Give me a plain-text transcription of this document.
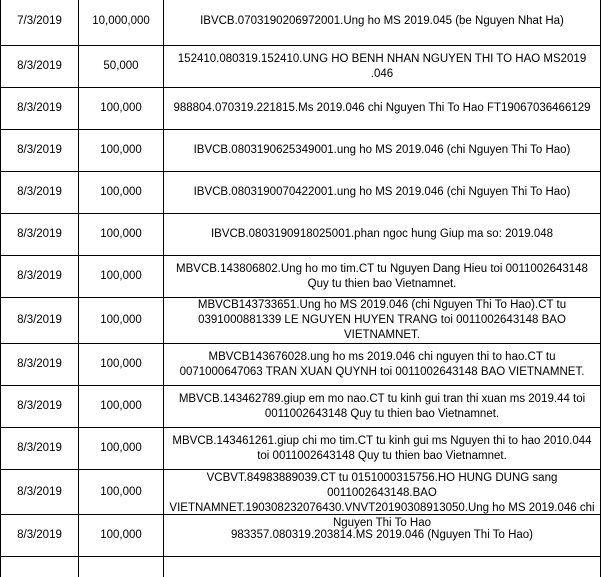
7/3/2019	10,000,000	IBVCB.0703190206972001.Ung ho MS 2019.045 (be Nguyen Nhat Ha)
8/3/2019	50,000	152410.080319.152410.UNG HO BENH NHAN NGUYEN THI TO HAO MS2019 .046
8/3/2019	100,000	988804.070319.221815.Ms 2019.046 chi Nguyen Thi To Hao FT19067036466129
8/3/2019	100,000	IBVCB.0803190625349001.ung ho MS 2019.046 (chi Nguyen Thi To Hao)
8/3/2019	100,000	IBVCB.0803190070422001.ung ho MS 2019.046 (chi Nguyen Thi To Hao)
8/3/2019	100,000	IBVCB.0803190918025001.phan ngoc hung Giup ma so: 2019.048
8/3/2019	100,000	MBVCB.143806802.Ung ho mo tim.CT tu Nguyen Dang Hieu toi 0011002643148 Quy tu thien bao Vietnamnet.
8/3/2019	100,000	MBVCB143733651.Ung ho MS 2019.046 (chi Nguyen Thi To Hao).CT tu 0391000881339 LE NGUYEN HUYEN TRANG toi 0011002643148 BAO VIETNAMNET.
8/3/2019	100,000	MBVCB143676028.ung ho ms 2019.046 chi nguyen thi to hao.CT tu 0071000647063 TRAN XUAN QUYNH toi 0011002643148 BAO VIETNAMNET.
8/3/2019	100,000	MBVCB.143462789.giup em mo nao.CT tu kinh gui tran thi xuan ms 2019.44 toi 0011002643148 Quy tu thien bao Vietnamnet.
8/3/2019	100,000	MBVCB.143461261.giup chi mo tim.CT tu kinh gui ms Nguyen thi to hao 2010.044 toi 0011002643148 Quy tu thien bao Vietnamnet.
8/3/2019	100,000	VCBVT.84983889039.CT tu 0151000315756.HO HUNG DUNG sang 0011002643148.BAO VIETNAMNET.190308232076430.VNVT20190308913050.Ung ho MS 2019.046 chi Nguyen Thi To Hao

8/3/2019	100,000	983357.080319.203814.MS 2019.046 (Nguyen Thi To Hao)
